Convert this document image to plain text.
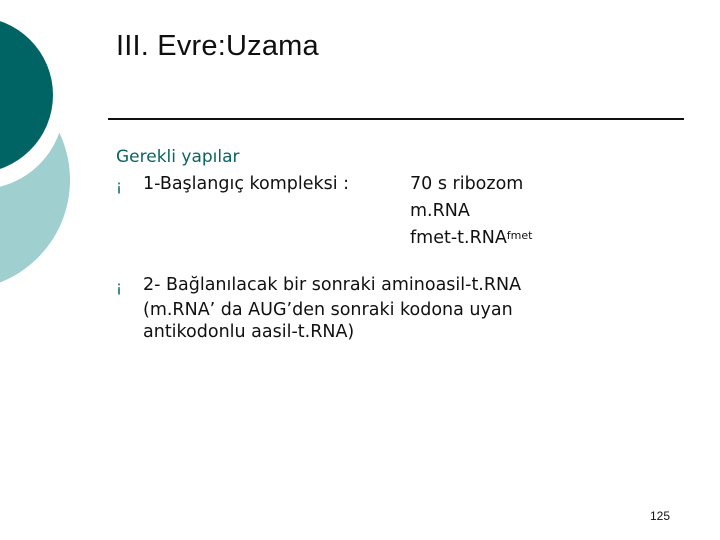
III. Evre:Uzama
Gerekli yapılar
¡ 1-Başlangıç kompleksi :	70 s ribozom
m.RNA
fmet-$t.RNA^{fmet}$
¡ 2- Bağlanılacak bir sonraki aminoasil-t.RNA
(m.RNA’ da AUG’den sonraki kodona uyan
antikodonlu aasil-t.RNA)
125
